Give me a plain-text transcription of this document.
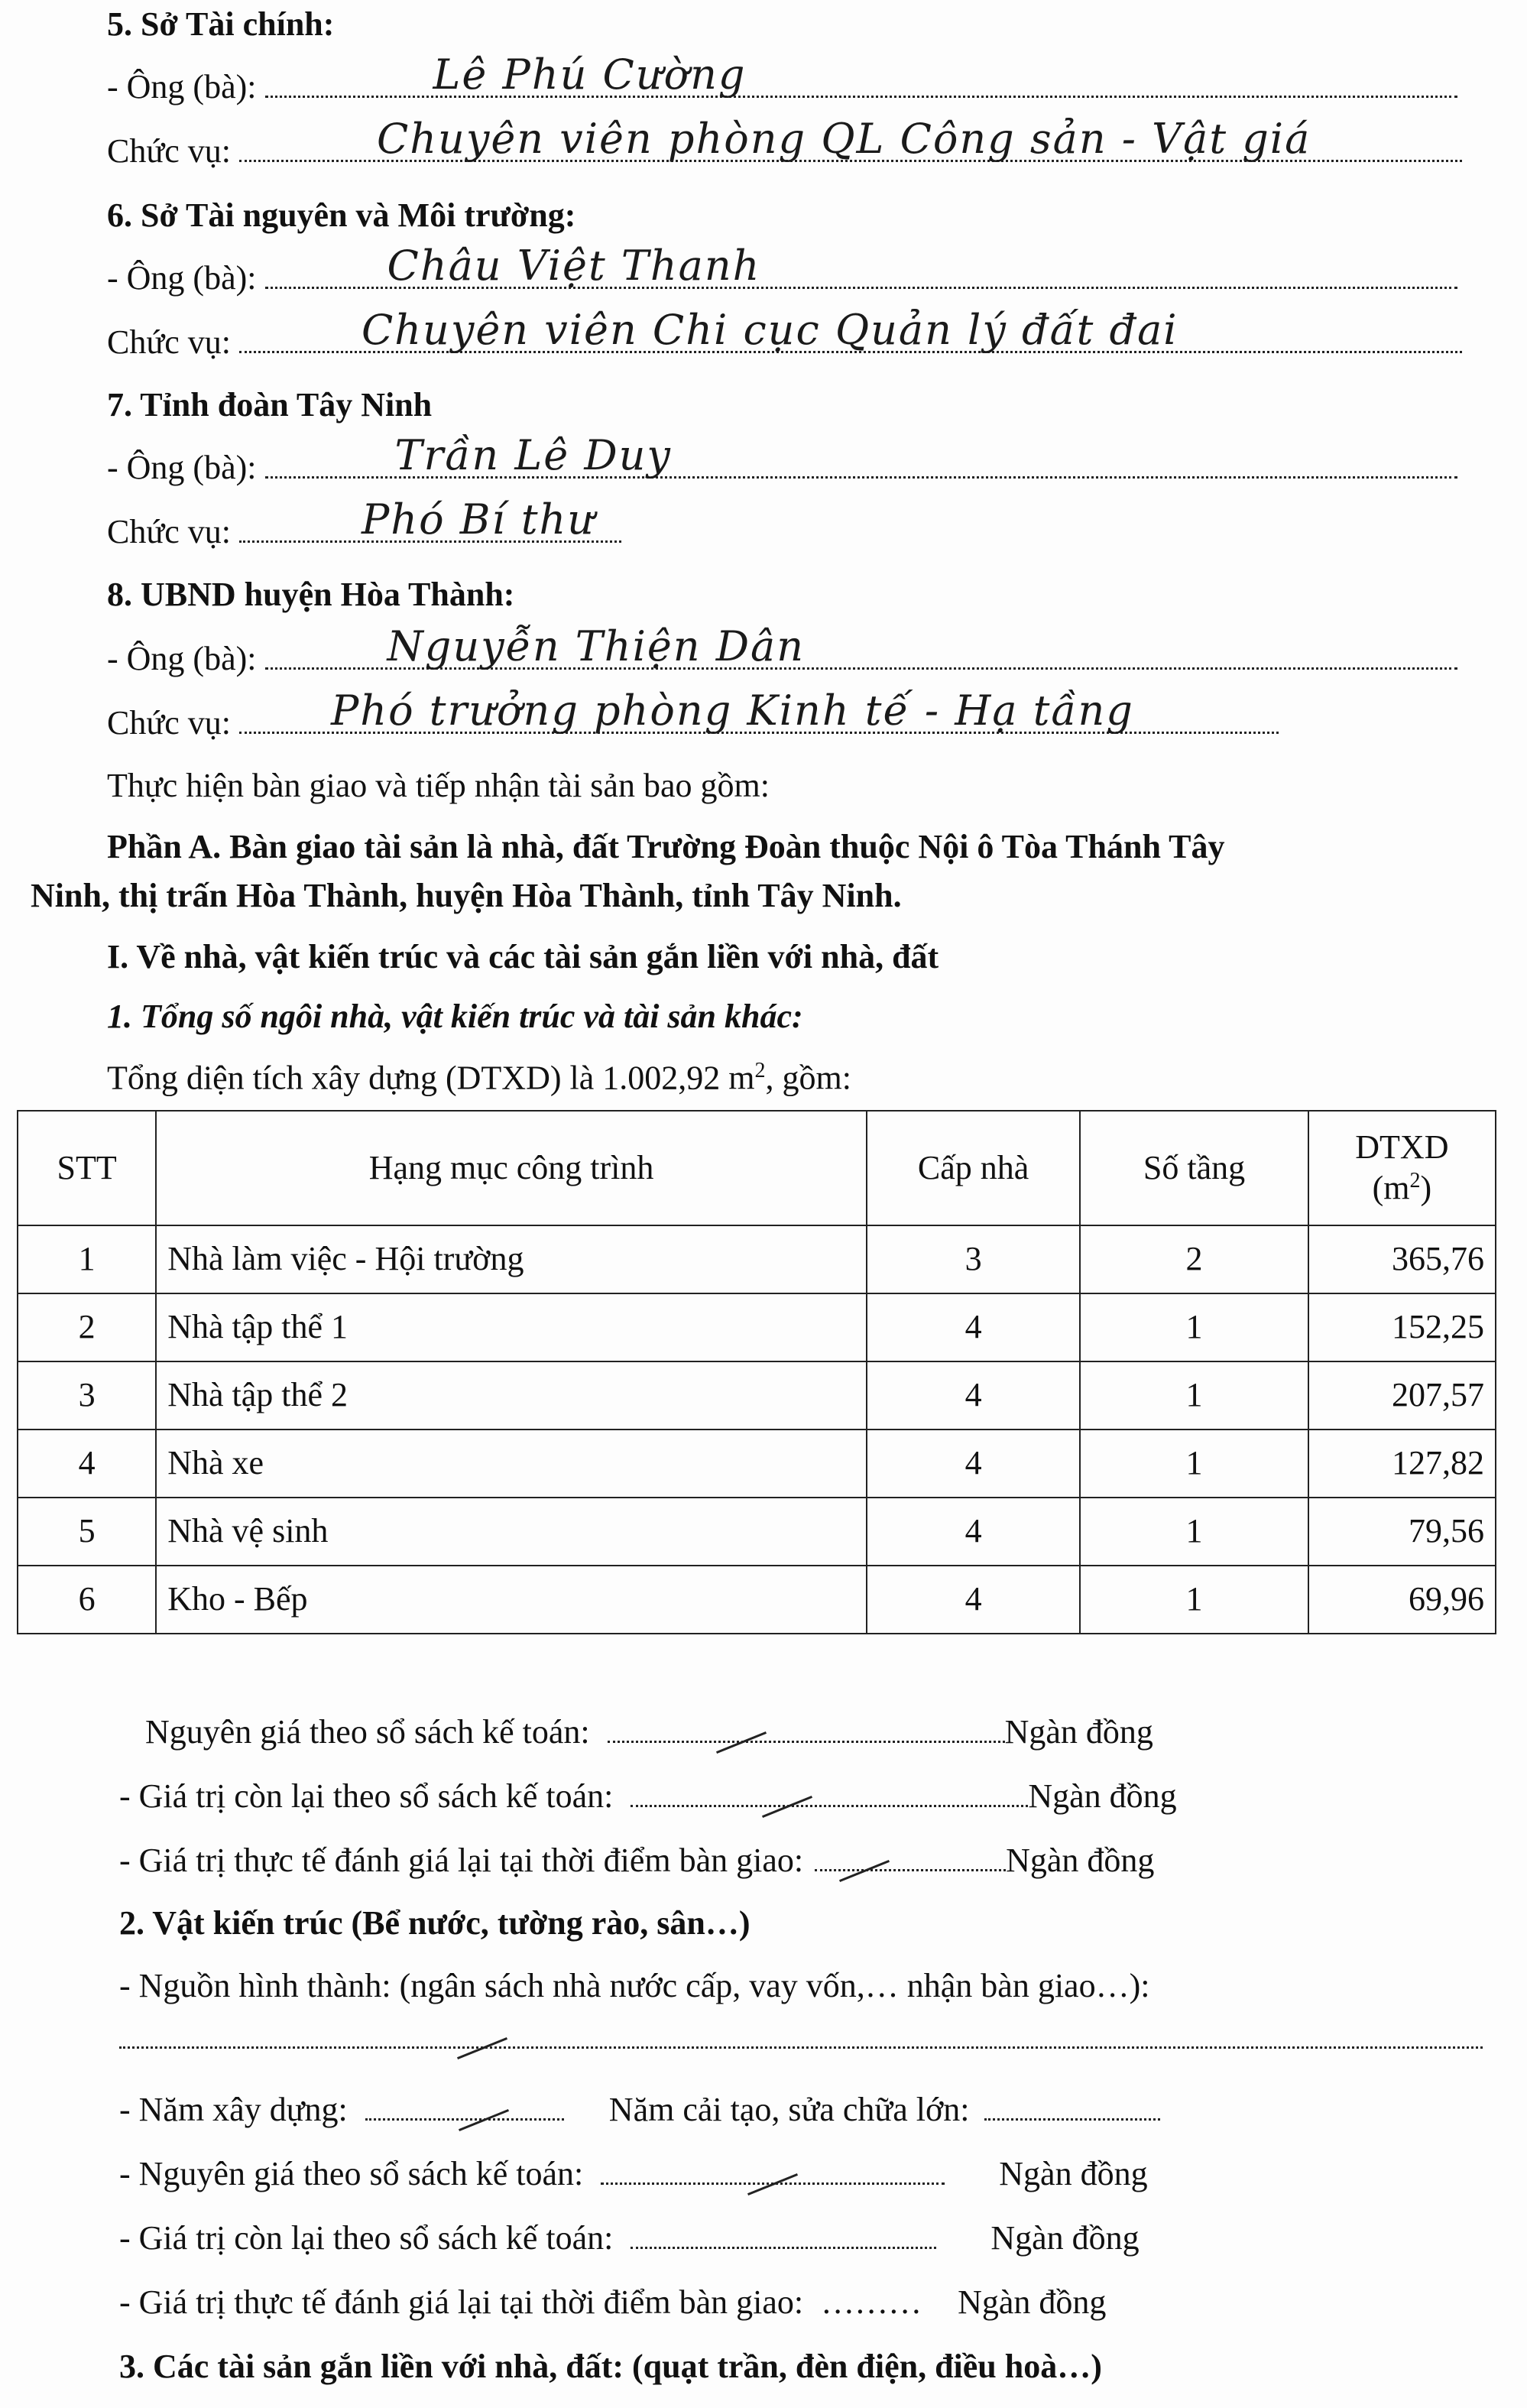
5. Sở Tài chính:
- Ông (bà):	Lê Phú Cường
Chức vụ:	Chuyên viên phòng QL Công sản - Vật giá
6. Sở Tài nguyên và Môi trường:
- Ông (bà):	Châu Việt Thanh
Chức vụ:	Chuyên viên Chi cục Quản lý đất đai
7. Tỉnh đoàn Tây Ninh
- Ông (bà):	Trần Lê Duy
Chức vụ:	Phó Bí thư
8. UBND huyện Hòa Thành:
- Ông (bà):	Nguyễn Thiện Dân
Chức vụ: Phó trưởng phòng Kinh tế - Hạ tầng
Thực hiện bàn giao và tiếp nhận tài sản bao gồm:
Phần A. Bàn giao tài sản là nhà, đất Trường Đoàn thuộc Nội ô Tòa Thánh Tây
Ninh, thị trấn Hòa Thành, huyện Hòa Thành, tỉnh Tây Ninh.
I. Về nhà, vật kiến trúc và các tài sản gắn liền với nhà, đất
1. Tổng số ngôi nhà, vật kiến trúc và tài sản khác:
Tổng diện tích xây dựng (DTXD) là 1.002,92 $m^2$, gồm:
STT	Hạng mục công trình	Cấp nhà	Số tầng	DTXD
$(m^2)$

1	Nhà làm việc - Hội trường	3	2	365,76
2	Nhà tập thể 1	4	1	152,25
3	Nhà tập thể 2	4	1	207,57
4	Nhà xe	4	1	127,82
5	Nhà vệ sinh	4	1	79,56
6	Kho - Bếp	4	1	69,96
Nguyên giá theo sổ sách kế toán:	Ngàn đồng
- Giá trị còn lại theo sổ sách kế toán:	Ngàn đồng
- Giá trị thực tế đánh giá lại tại thời điểm bàn giao:	Ngàn đồng
2. Vật kiến trúc (Bể nước, tường rào, sân…)
- Nguồn hình thành: (ngân sách nhà nước cấp, vay vốn,… nhận bàn giao…):
- Năm xây dựng:	Năm cải tạo, sửa chữa lớn:
- Nguyên giá theo sổ sách kế toán:	Ngàn đồng
- Giá trị còn lại theo sổ sách kế toán:	Ngàn đồng
- Giá trị thực tế đánh giá lại tại thời điểm bàn giao: ……… Ngàn đồng
3. Các tài sản gắn liền với nhà, đất: (quạt trần, đèn điện, điều hoà…)
